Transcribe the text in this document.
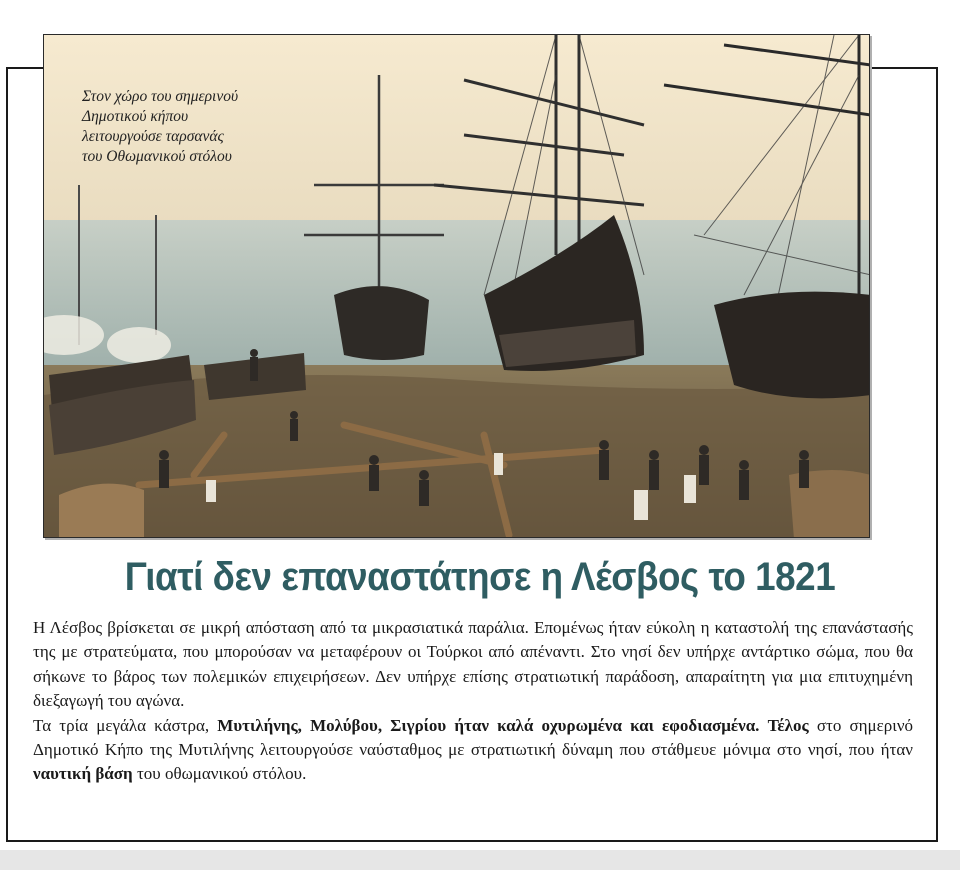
Στον χώρο του σημερινού
Δημοτικού κήπου
λειτουργούσε ταρσανάς
του Οθωμανικού στόλου
Γιατί δεν επαναστάτησε η Λέσβος το 1821

Η Λέσβος βρίσκεται σε μικρή απόσταση από τα μικρασιατικά παράλια. Επομένως ήταν εύκολη η καταστολή της επανάστασής της με στρατεύματα, που μπορούσαν να μεταφέρουν οι Τούρκοι από απέναντι. Στο νησί δεν υπήρχε αντάρτικο σώμα, που θα σήκωνε το βάρος των πολεμικών επιχειρήσεων. Δεν υπήρχε επίσης στρατιωτική παράδοση, απαραίτητη για μια επιτυχημένη διεξαγωγή του αγώνα.

Τα τρία μεγάλα κάστρα, Μυτιλήνης, Μολύβου, Σιγρίου ήταν καλά οχυρωμένα και εφοδιασμένα. Τέλος στο σημερινό Δημοτικό Κήπο της Μυτιλήνης λειτουργούσε ναύσταθμος με στρατιωτική δύναμη που στάθμευε μόνιμα στο νησί, που ήταν ναυτική βάση του οθωμανικού στόλου.
